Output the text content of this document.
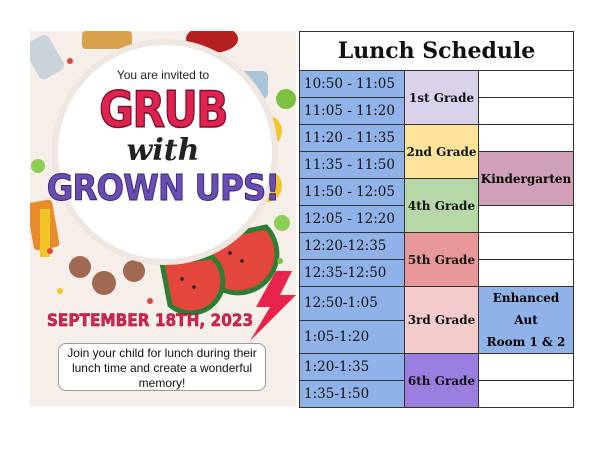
You are invited to
GRUB
with
GROWN UPS!
SEPTEMBER 18TH, 2023
Join your child for lunch during their lunch time and create a wonderful memory!
Lunch Schedule		
10:50 - 11:05	1st Grade	
11:05 - 11:20		
11:20 - 11:35	2nd Grade	
11:35 - 11:50		Kindergarten
11:50 - 12:05	4th Grade	
12:05 - 12:20		
12:20-12:35	5th Grade	
12:35-12:50		
12:50-1:05	3rd Grade	Enhanced Aut
Room 1 & 2

1:05-1:20		
1:20-1:35	6th Grade	
1:35-1:50		
